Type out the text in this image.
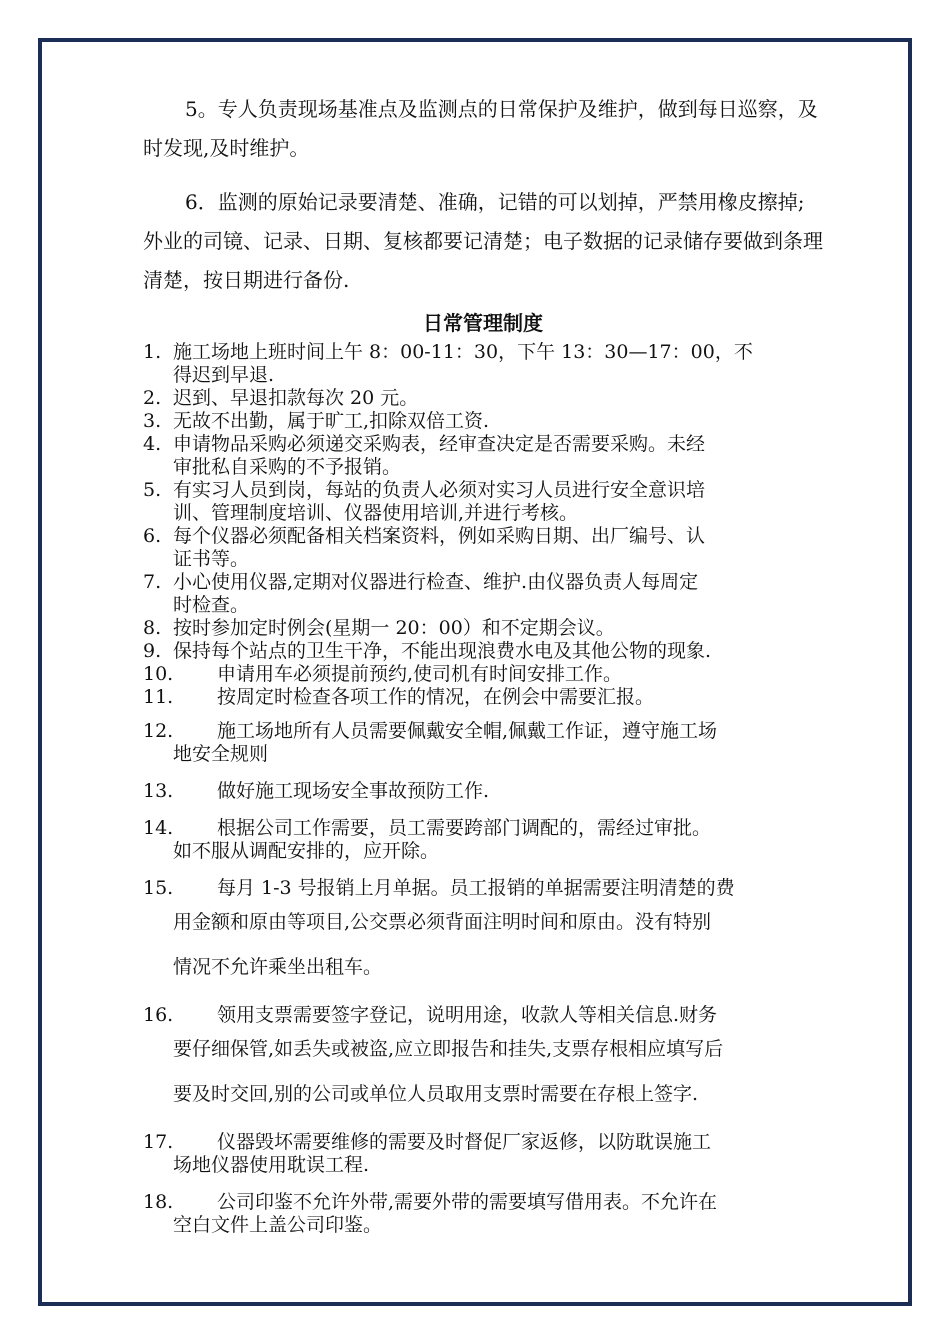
5。专人负责现场基准点及监测点的日常保护及维护，做到每日巡察，及时发现,及时维护。

6．监测的原始记录要清楚、准确，记错的可以划掉，严禁用橡皮擦掉;外业的司镜、记录、日期、复核都要记清楚；电子数据的记录储存要做到条理清楚，按日期进行备份.

日常管理制度
1. 施工场地上班时间上午 8：00-11：30，下午 13：30—17：00，不
得迟到早退.
2. 迟到、早退扣款每次 20 元。
3. 无故不出勤，属于旷工,扣除双倍工资.
4. 申请物品采购必须递交采购表，经审查决定是否需要采购。未经
审批私自采购的不予报销。
5. 有实习人员到岗，每站的负责人必须对实习人员进行安全意识培
训、管理制度培训、仪器使用培训,并进行考核。
6. 每个仪器必须配备相关档案资料，例如采购日期、出厂编号、认
证书等。
7. 小心使用仪器,定期对仪器进行检查、维护.由仪器负责人每周定
时检查。
8. 按时参加定时例会(星期一 20：00）和不定期会议。
9. 保持每个站点的卫生干净，不能出现浪费水电及其他公物的现象.
10. 申请用车必须提前预约,使司机有时间安排工作。
11. 按周定时检查各项工作的情况，在例会中需要汇报。
12. 施工场地所有人员需要佩戴安全帽,佩戴工作证，遵守施工场
地安全规则
13. 做好施工现场安全事故预防工作.
14. 根据公司工作需要，员工需要跨部门调配的，需经过审批。
如不服从调配安排的，应开除。
15. 每月 1-3 号报销上月单据。员工报销的单据需要注明清楚的费
用金额和原由等项目,公交票必须背面注明时间和原由。没有特别
情况不允许乘坐出租车。
16. 领用支票需要签字登记，说明用途，收款人等相关信息.财务
要仔细保管,如丢失或被盗,应立即报告和挂失,支票存根相应填写后
要及时交回,别的公司或单位人员取用支票时需要在存根上签字.
17. 仪器毁坏需要维修的需要及时督促厂家返修，以防耽误施工
场地仪器使用耽误工程.
18. 公司印鉴不允许外带,需要外带的需要填写借用表。不允许在
空白文件上盖公司印鉴。
